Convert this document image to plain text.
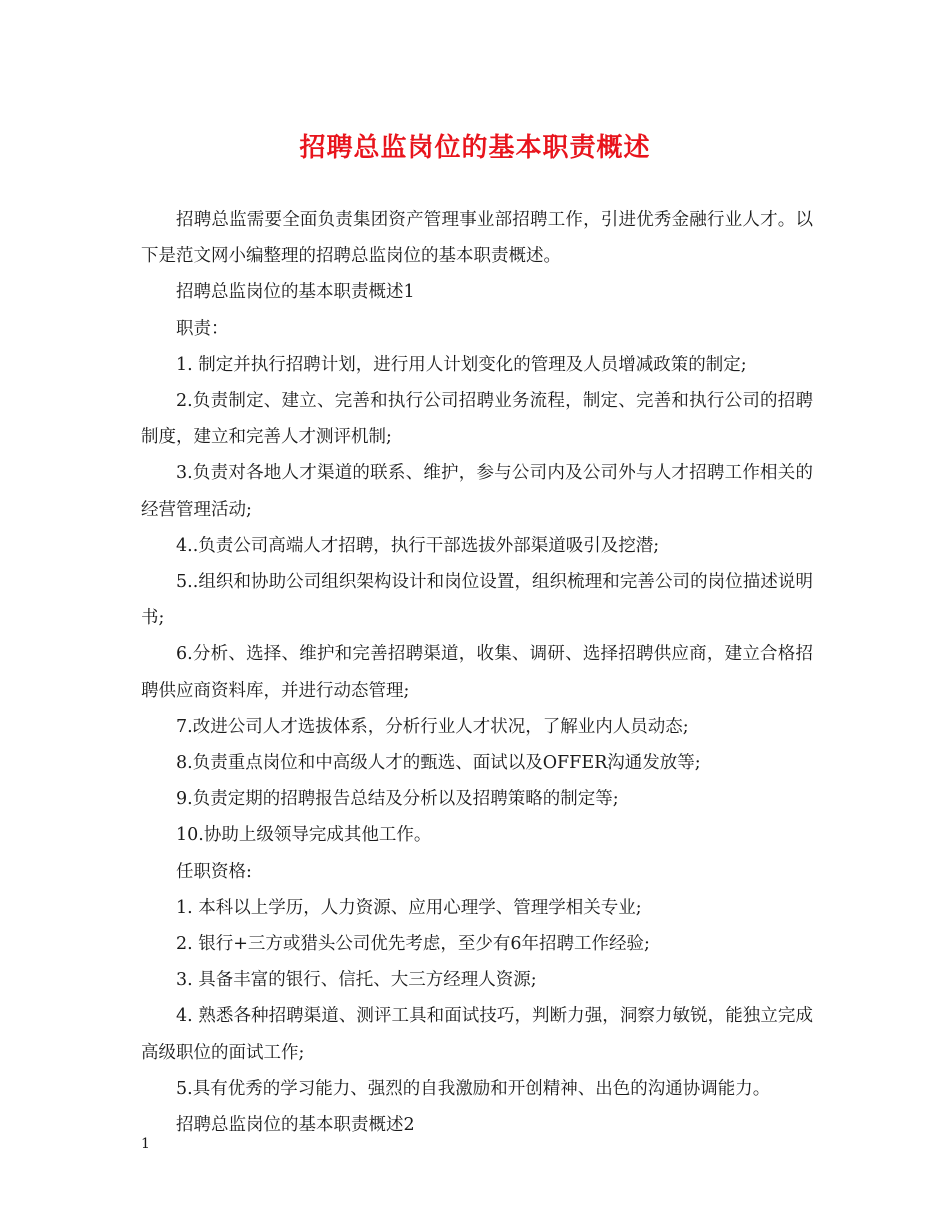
招聘总监岗位的基本职责概述

招聘总监需要全面负责集团资产管理事业部招聘工作，引进优秀金融行业人才。以下是范文网小编整理的招聘总监岗位的基本职责概述。

招聘总监岗位的基本职责概述1

职责：

1. 制定并执行招聘计划，进行用人计划变化的管理及人员增减政策的制定;

2.负责制定、建立、完善和执行公司招聘业务流程，制定、完善和执行公司的招聘制度，建立和完善人才测评机制;

3.负责对各地人才渠道的联系、维护，参与公司内及公司外与人才招聘工作相关的经营管理活动;

4..负责公司高端人才招聘，执行干部选拔外部渠道吸引及挖潜;

5..组织和协助公司组织架构设计和岗位设置，组织梳理和完善公司的岗位描述说明书;

6.分析、选择、维护和完善招聘渠道，收集、调研、选择招聘供应商，建立合格招聘供应商资料库，并进行动态管理;

7.改进公司人才选拔体系，分析行业人才状况，了解业内人员动态;

8.负责重点岗位和中高级人才的甄选、面试以及OFFER沟通发放等;

9.负责定期的招聘报告总结及分析以及招聘策略的制定等;

10.协助上级领导完成其他工作。

任职资格:

1. 本科以上学历，人力资源、应用心理学、管理学相关专业;

2. 银行+三方或猎头公司优先考虑，至少有6年招聘工作经验;

3. 具备丰富的银行、信托、大三方经理人资源;

4. 熟悉各种招聘渠道、测评工具和面试技巧，判断力强，洞察力敏锐，能独立完成高级职位的面试工作;

5.具有优秀的学习能力、强烈的自我激励和开创精神、出色的沟通协调能力。

招聘总监岗位的基本职责概述2

1
